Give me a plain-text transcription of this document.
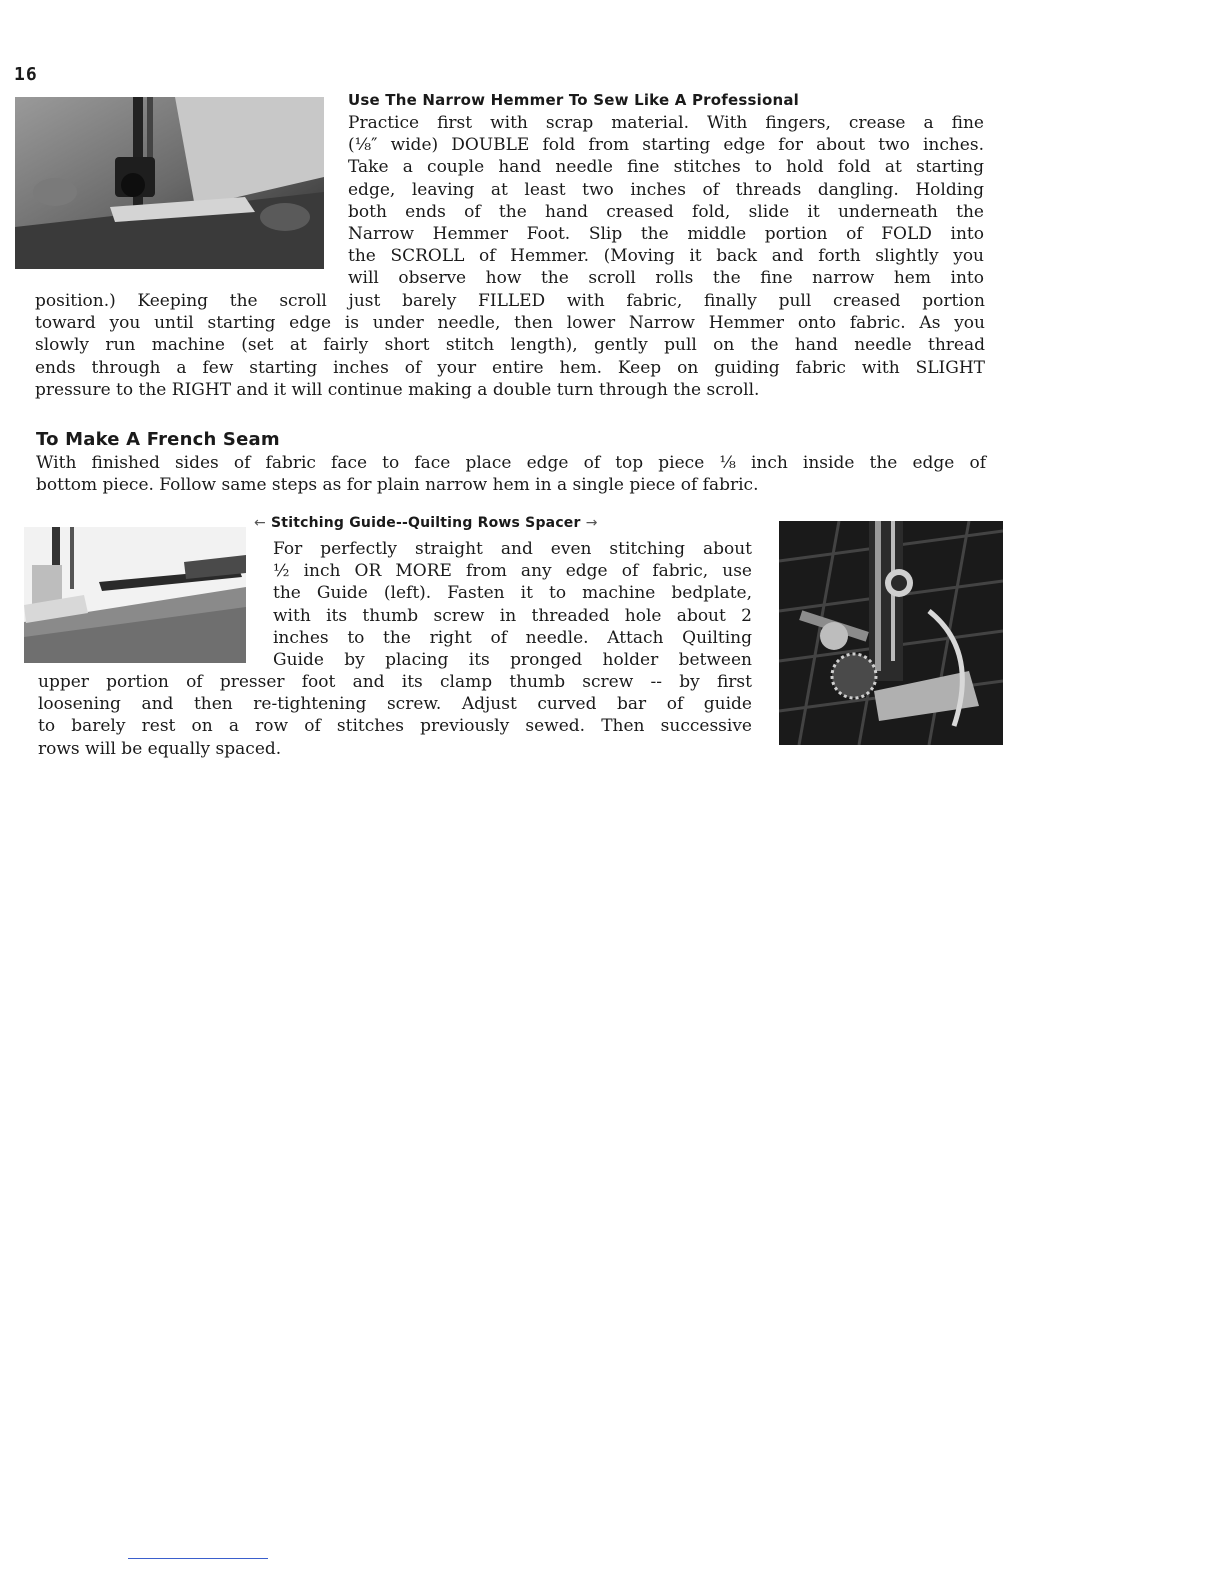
16
Use The Narrow Hemmer To Sew Like A Professional
Practice first with scrap material. With fingers, crease a fine
(⅛″ wide) DOUBLE fold from starting edge for about two inches.
Take a couple hand needle fine stitches to hold fold at starting
edge, leaving at least two inches of threads dangling. Holding
both ends of the hand creased fold, slide it underneath the
Narrow Hemmer Foot. Slip the middle portion of FOLD into
the SCROLL of Hemmer. (Moving it back and forth slightly you
will observe how the scroll rolls the fine narrow hem into
position.) Keeping the scroll just barely FILLED with fabric, finally pull creased portion
toward you until starting edge is under needle, then lower Narrow Hemmer onto fabric. As you
slowly run machine (set at fairly short stitch length), gently pull on the hand needle thread
ends through a few starting inches of your entire hem. Keep on guiding fabric with SLIGHT
pressure to the RIGHT and it will continue making a double turn through the scroll.
To Make A French Seam
With finished sides of fabric face to face place edge of top piece ⅛ inch inside the edge of
bottom piece. Follow same steps as for plain narrow hem in a single piece of fabric.
← Stitching Guide--Quilting Rows Spacer →
For perfectly straight and even stitching about
½ inch OR MORE from any edge of fabric, use
the Guide (left). Fasten it to machine bedplate,
with its thumb screw in threaded hole about 2
inches to the right of needle. Attach Quilting
Guide by placing its pronged holder between
upper portion of presser foot and its clamp thumb screw -- by first
loosening and then re-tightening screw. Adjust curved bar of guide
to barely rest on a row of stitches previously sewed. Then successive
rows will be equally spaced.
